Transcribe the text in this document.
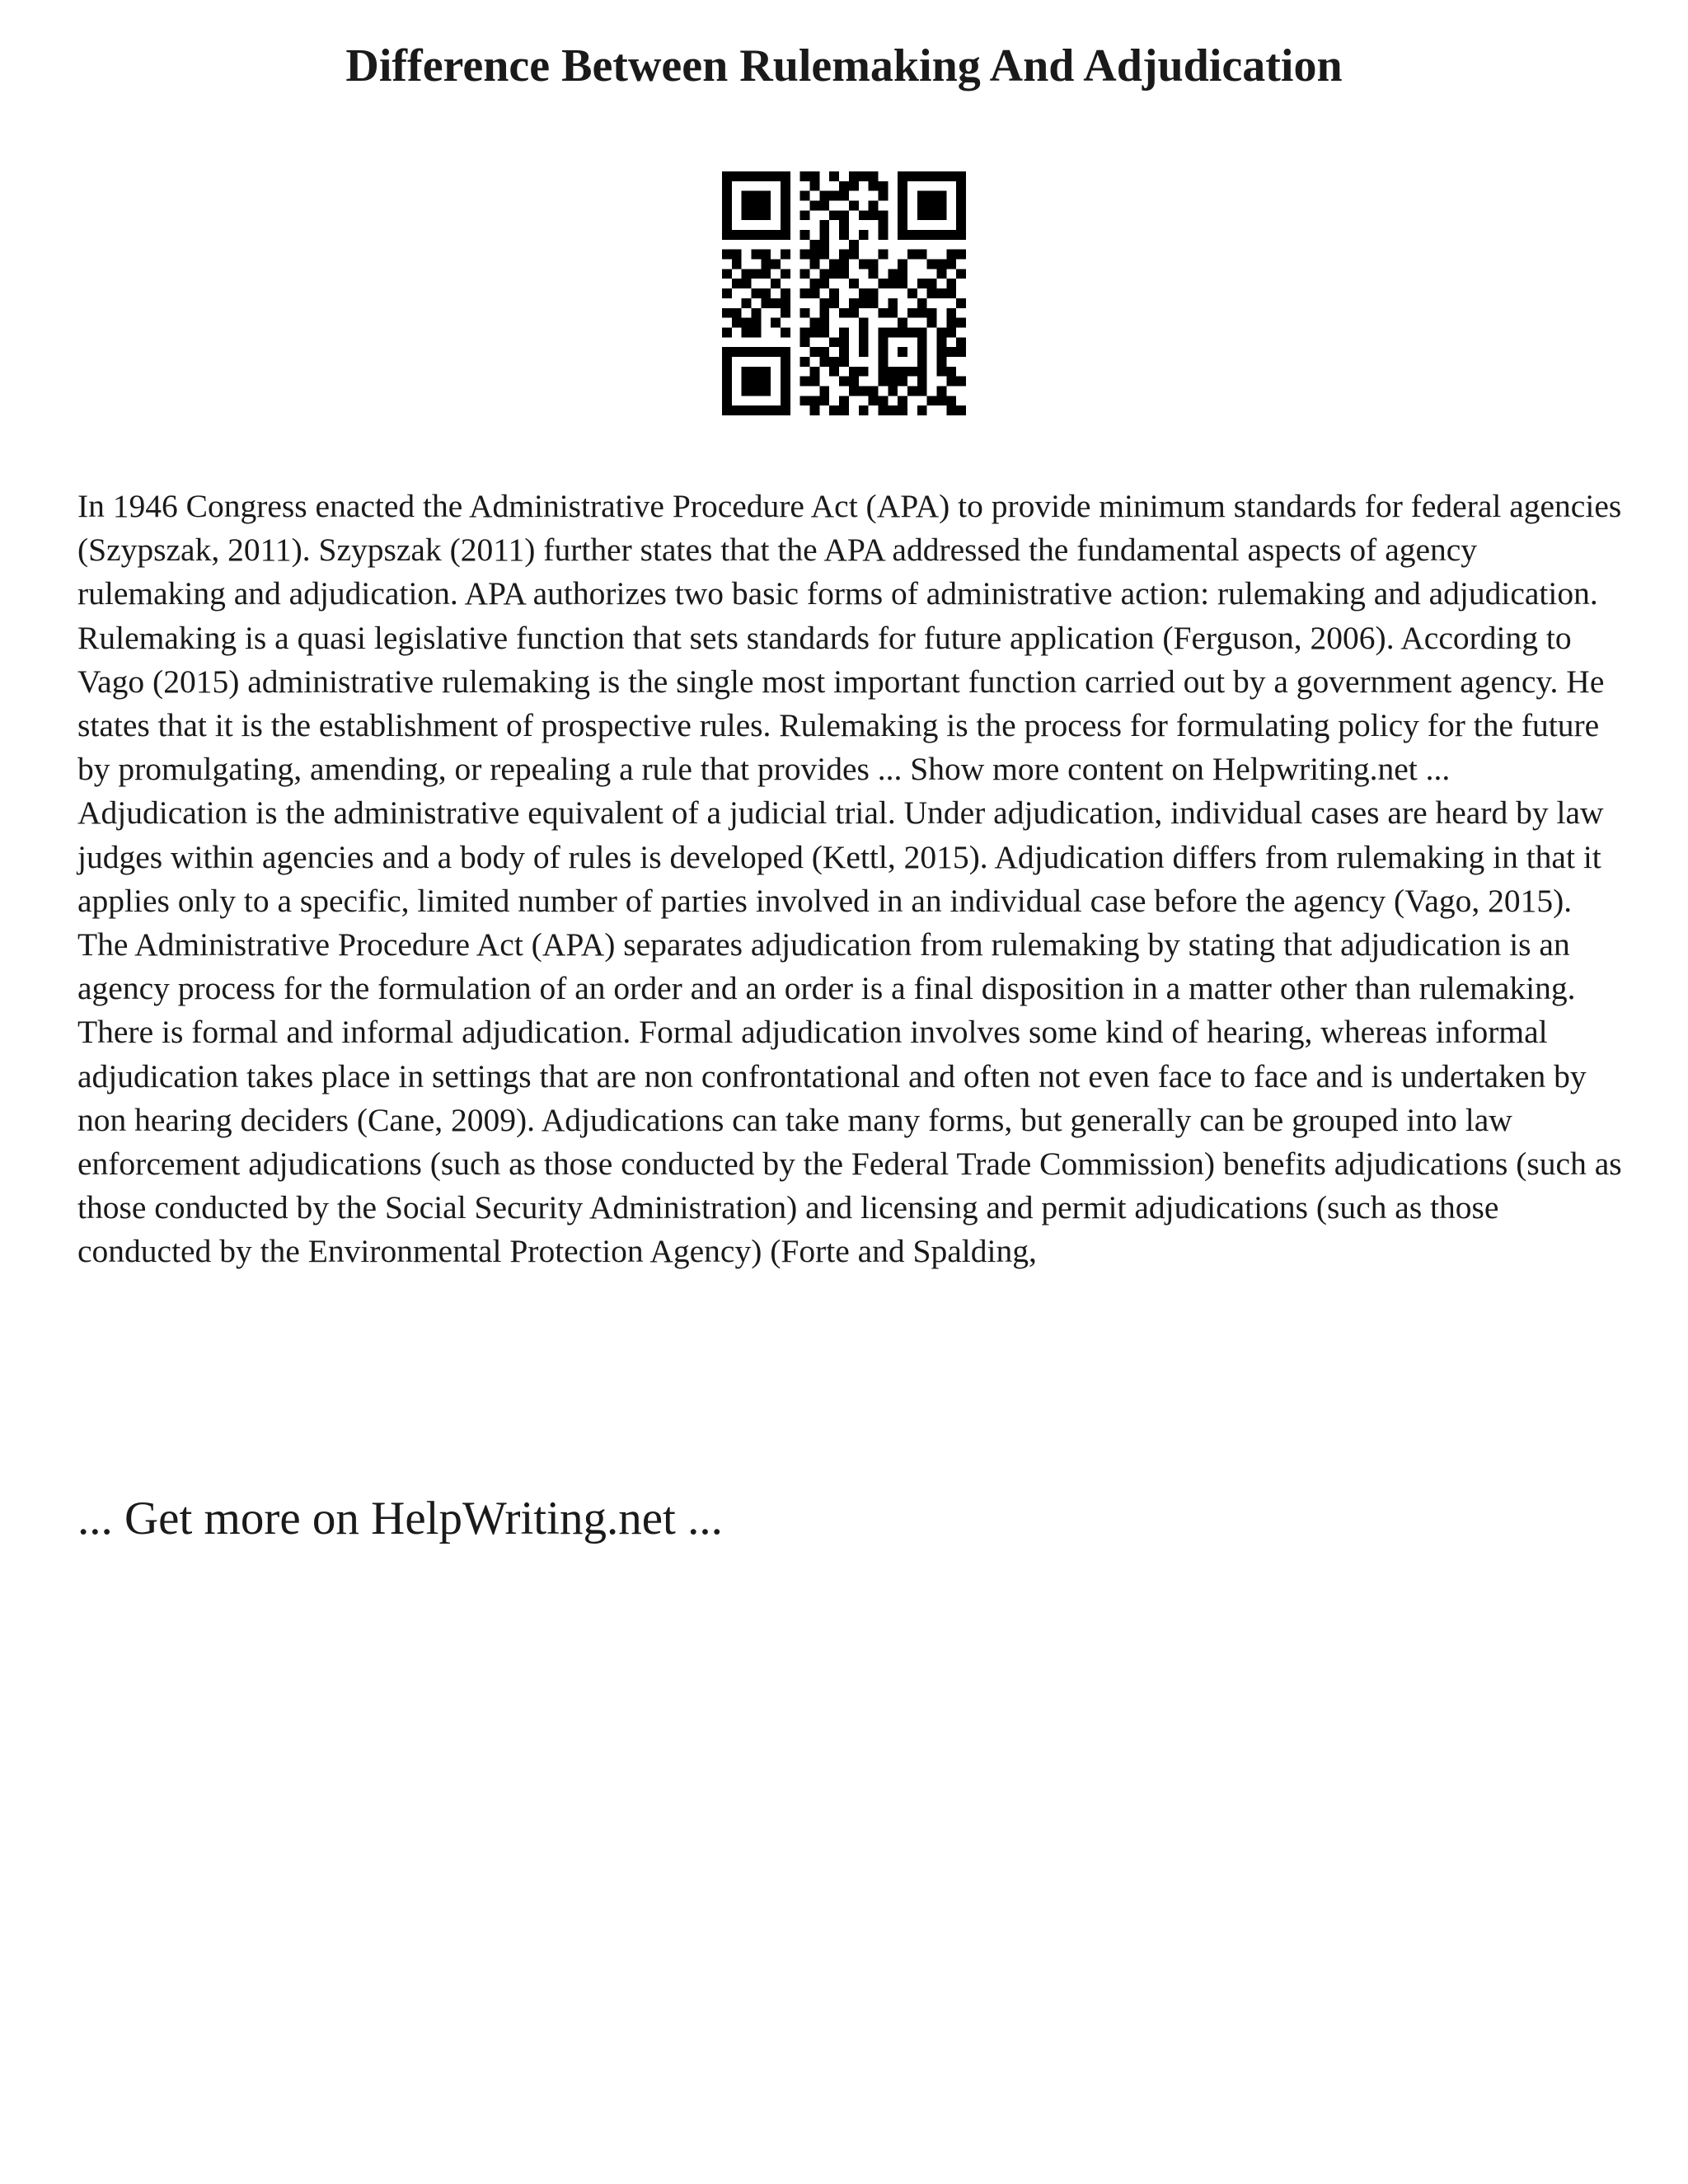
Difference Between Rulemaking And Adjudication

In 1946 Congress enacted the Administrative Procedure Act (APA) to provide minimum standards for federal agencies (Szypszak, 2011). Szypszak (2011) further states that the APA addressed the fundamental aspects of agency rulemaking and adjudication. APA authorizes two basic forms of administrative action: rulemaking and adjudication. Rulemaking is a quasi legislative function that sets standards for future application (Ferguson, 2006). According to Vago (2015) administrative rulemaking is the single most important function carried out by a government agency. He states that it is the establishment of prospective rules. Rulemaking is the process for formulating policy for the future by promulgating, amending, or repealing a rule that provides ... Show more content on Helpwriting.net ...

Adjudication is the administrative equivalent of a judicial trial. Under adjudication, individual cases are heard by law judges within agencies and a body of rules is developed (Kettl, 2015). Adjudication differs from rulemaking in that it applies only to a specific, limited number of parties involved in an individual case before the agency (Vago, 2015). The Administrative Procedure Act (APA) separates adjudication from rulemaking by stating that adjudication is an agency process for the formulation of an order and an order is a final disposition in a matter other than rulemaking. There is formal and informal adjudication. Formal adjudication involves some kind of hearing, whereas informal adjudication takes place in settings that are non confrontational and often not even face to face and is undertaken by non hearing deciders (Cane, 2009). Adjudications can take many forms, but generally can be grouped into law enforcement adjudications (such as those conducted by the Federal Trade Commission) benefits adjudications (such as those conducted by the Social Security Administration) and licensing and permit adjudications (such as those conducted by the Environmental Protection Agency) (Forte and Spalding,

... Get more on HelpWriting.net ...
